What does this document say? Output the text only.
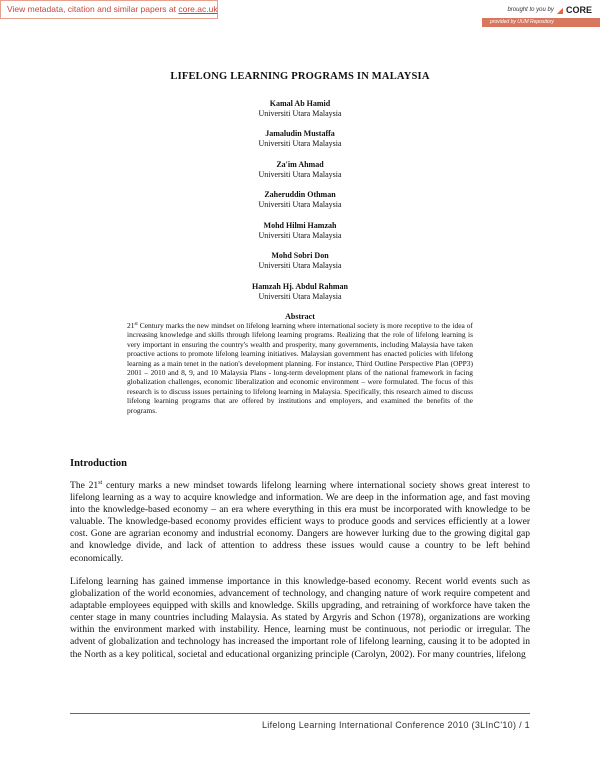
View metadata, citation and similar papers at core.ac.uk	brought to you by ◢ CORE
provided by UUM Repository
LIFELONG LEARNING PROGRAMS IN MALAYSIA
Kamal Ab Hamid
Universiti Utara Malaysia
Jamaludin Mustaffa
Universiti Utara Malaysia
Za'im Ahmad
Universiti Utara Malaysia
Zaheruddin Othman
Universiti Utara Malaysia
Mohd Hilmi Hamzah
Universiti Utara Malaysia
Mohd Sobri Don
Universiti Utara Malaysia
Hamzah Hj. Abdul Rahman
Universiti Utara Malaysia
Abstract

21st Century marks the new mindset on lifelong learning where international society is more receptive to the idea of increasing knowledge and skills through lifelong learning programs. Realizing that the role of lifelong learning is very important in ensuring the country's wealth and prosperity, many governments, including Malaysia have taken proactive actions to promote lifelong learning initiatives. Malaysian government has enacted policies with lifelong learning as a main tenet in the nation's development planning. For instance, Third Outline Perspective Plan (OPP3) 2001 – 2010 and 8, 9, and 10 Malaysia Plans - long-term development plans of the national framework in facing globalization challenges, economic liberalization and economic environment – were formulated. The focus of this research is to discuss issues pertaining to lifelong learning in Malaysia. Specifically, this research aimed to discuss lifelong learning programs that are offered by institutions and employers, and examined the benefits of the programs.

Introduction

The 21st century marks a new mindset towards lifelong learning where international society shows great interest to lifelong learning as a way to acquire knowledge and information. We are deep in the information age, and fast moving into the knowledge-based economy – an era where everything in this era must be incorporated with knowledge to be valuable. The knowledge-based economy provides efficient ways to produce goods and services efficiently at a lower cost. Gone are agrarian economy and industrial economy. Dangers are however lurking due to the growing digital gap and knowledge divide, and lack of attention to address these issues would cause a country to be left behind economically.

Lifelong learning has gained immense importance in this knowledge-based economy. Recent world events such as globalization of the world economies, advancement of technology, and changing nature of work require competent and adaptable employees equipped with skills and knowledge. Skills upgrading, and retraining of workforce have taken the center stage in many countries including Malaysia. As stated by Argyris and Schon (1978), organizations are working within the environment marked with instability. Hence, learning must be continuous, not periodic or irregular. The advent of globalization and technology has increased the important role of lifelong learning, causing it to be adopted in the North as a key political, societal and educational organizing principle (Carolyn, 2002). For many countries, lifelong

Lifelong Learning International Conference 2010 (3LInC'10) / 1
